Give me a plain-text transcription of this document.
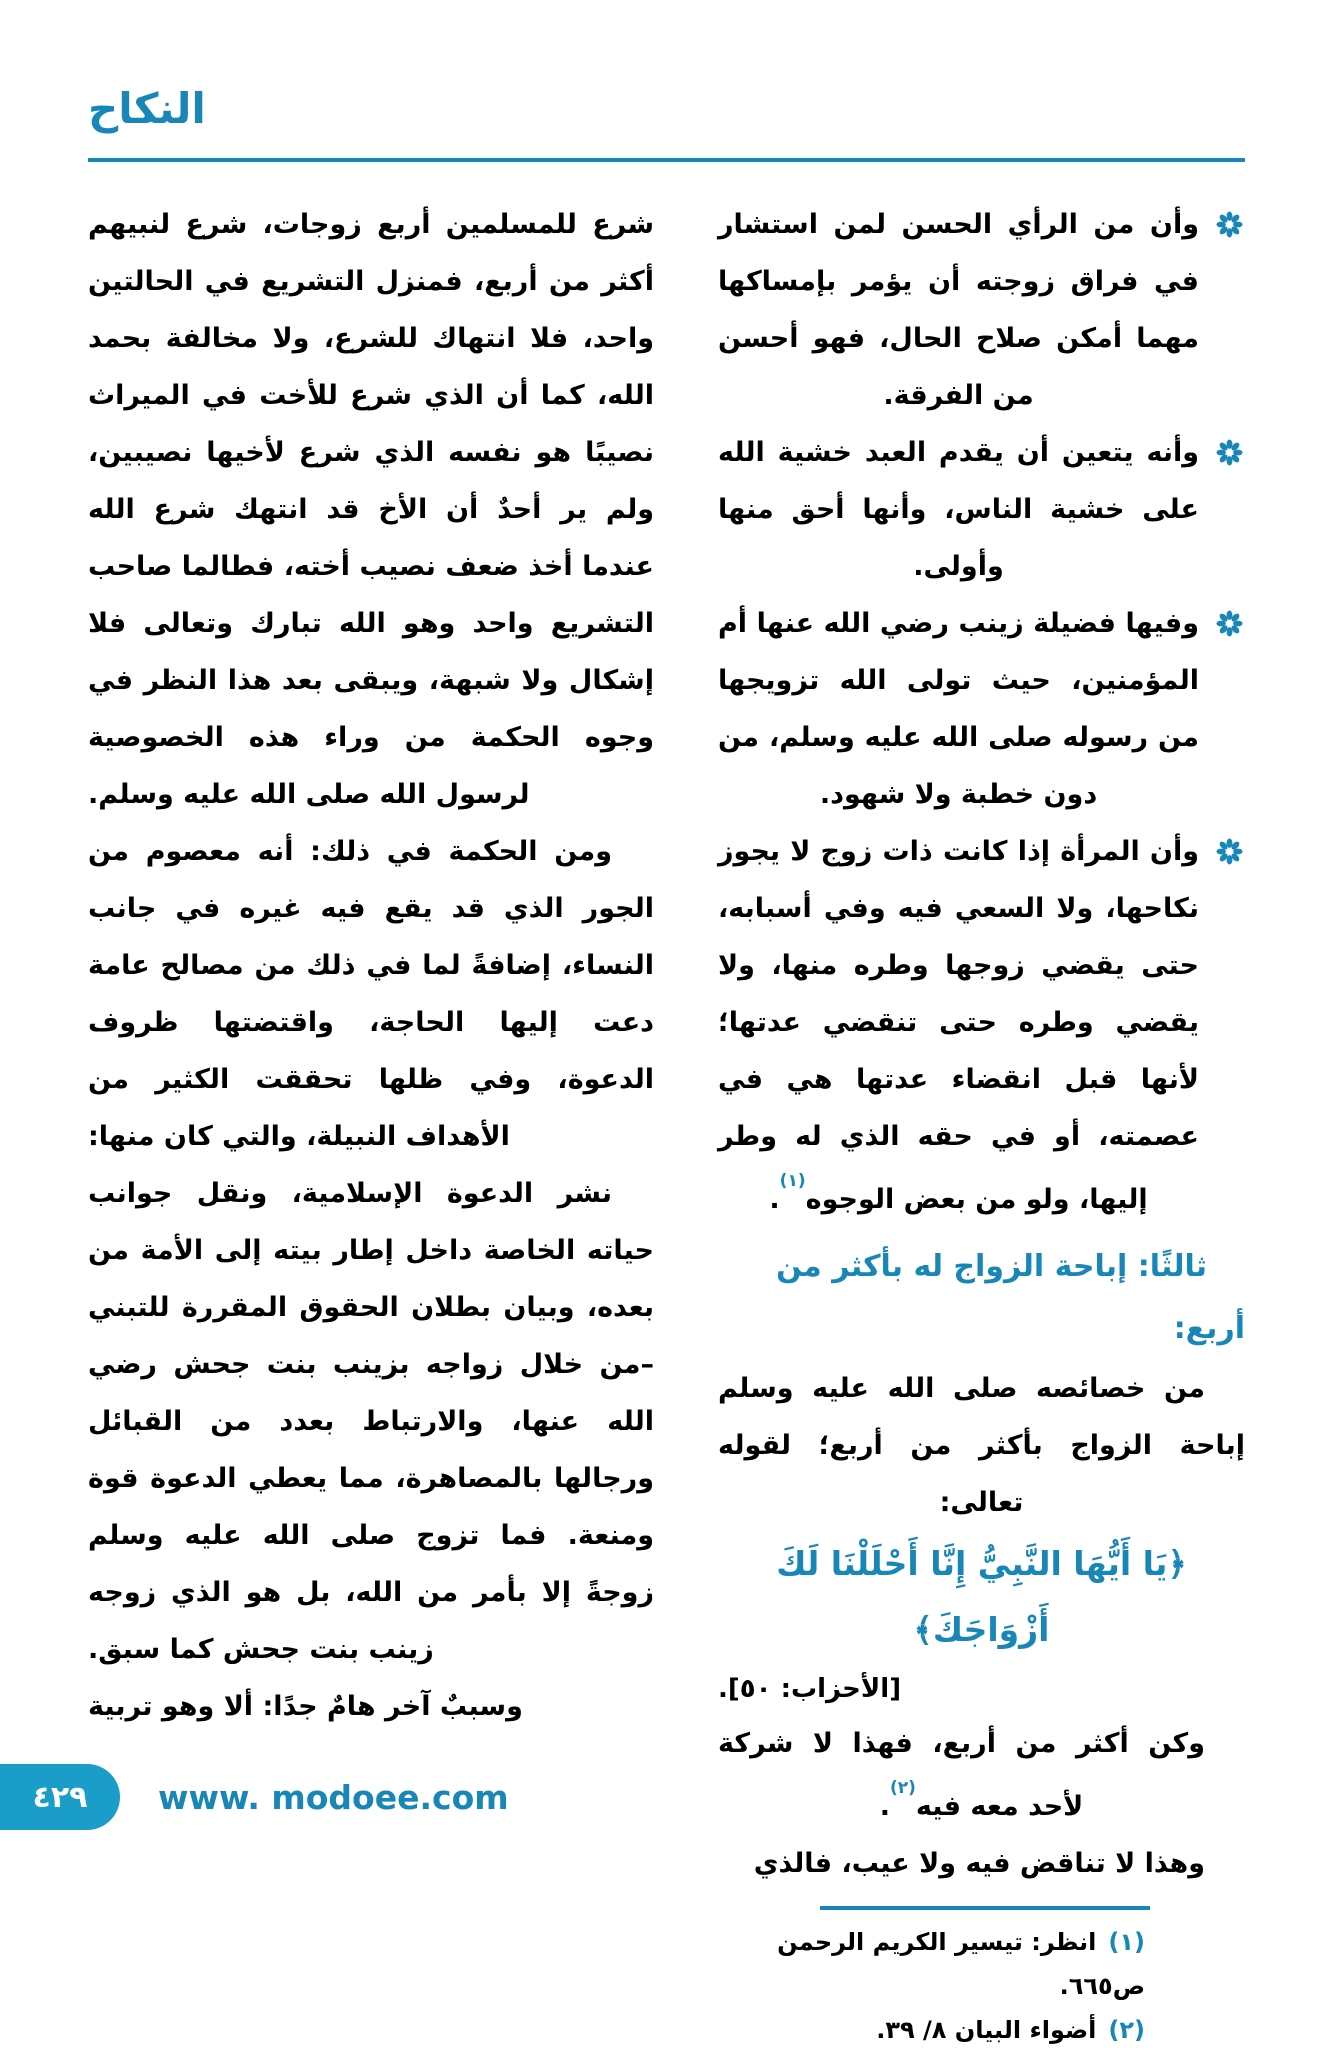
النكاح

وأن من الرأي الحسن لمن استشار في فراق زوجته أن يؤمر بإمساكها مهما أمكن صلاح الحال، فهو أحسن من الفرقة.

وأنه يتعين أن يقدم العبد خشية الله على خشية الناس، وأنها أحق منها وأولى.

وفيها فضيلة زينب رضي الله عنها أم المؤمنين، حيث تولى الله تزويجها من رسوله صلى الله عليه وسلم، من دون خطبة ولا شهود.

وأن المرأة إذا كانت ذات زوج لا يجوز نكاحها، ولا السعي فيه وفي أسبابه، حتى يقضي زوجها وطره منها، ولا يقضي وطره حتى تنقضي عدتها؛ لأنها قبل انقضاء عدتها هي في عصمته، أو في حقه الذي له وطر إليها، ولو من بعض الوجوه$^{(١)}$.

ثالثًا: إباحة الزواج له بأكثر من أربع:

من خصائصه صلى الله عليه وسلم إباحة الزواج بأكثر من أربع؛ لقوله تعالى:

﴿يَا أَيُّهَا النَّبِيُّ إِنَّا أَحْلَلْنَا لَكَ أَزْوَاجَكَ﴾
[الأحزاب: ٥٠].

وكن أكثر من أربع، فهذا لا شركة لأحد معه فيه$^{(٢)}$.

وهذا لا تناقض فيه ولا عيب، فالذي

(١)انظر: تيسير الكريم الرحمن ص٦٦٥.
(٢)أضواء البيان ٨/ ٣٩.

شرع للمسلمين أربع زوجات، شرع لنبيهم أكثر من أربع، فمنزل التشريع في الحالتين واحد، فلا انتهاك للشرع، ولا مخالفة بحمد الله، كما أن الذي شرع للأخت في الميراث نصيبًا هو نفسه الذي شرع لأخيها نصيبين، ولم ير أحدٌ أن الأخ قد انتهك شرع الله عندما أخذ ضعف نصيب أخته، فطالما صاحب التشريع واحد وهو الله تبارك وتعالى فلا إشكال ولا شبهة، ويبقى بعد هذا النظر في وجوه الحكمة من وراء هذه الخصوصية لرسول الله صلى الله عليه وسلم.

ومن الحكمة في ذلك: أنه معصوم من الجور الذي قد يقع فيه غيره في جانب النساء، إضافةً لما في ذلك من مصالح عامة دعت إليها الحاجة، واقتضتها ظروف الدعوة، وفي ظلها تحققت الكثير من الأهداف النبيلة، والتي كان منها:

نشر الدعوة الإسلامية، ونقل جوانب حياته الخاصة داخل إطار بيته إلى الأمة من بعده، وبيان بطلان الحقوق المقررة للتبني –من خلال زواجه بزينب بنت جحش رضي الله عنها، والارتباط بعدد من القبائل ورجالها بالمصاهرة، مما يعطي الدعوة قوة ومنعة. فما تزوج صلى الله عليه وسلم زوجةً إلا بأمر من الله، بل هو الذي زوجه زينب بنت جحش كما سبق.

وسببٌ آخر هامٌ جدًا: ألا وهو تربية

٤٢٩	www. modoee.com
